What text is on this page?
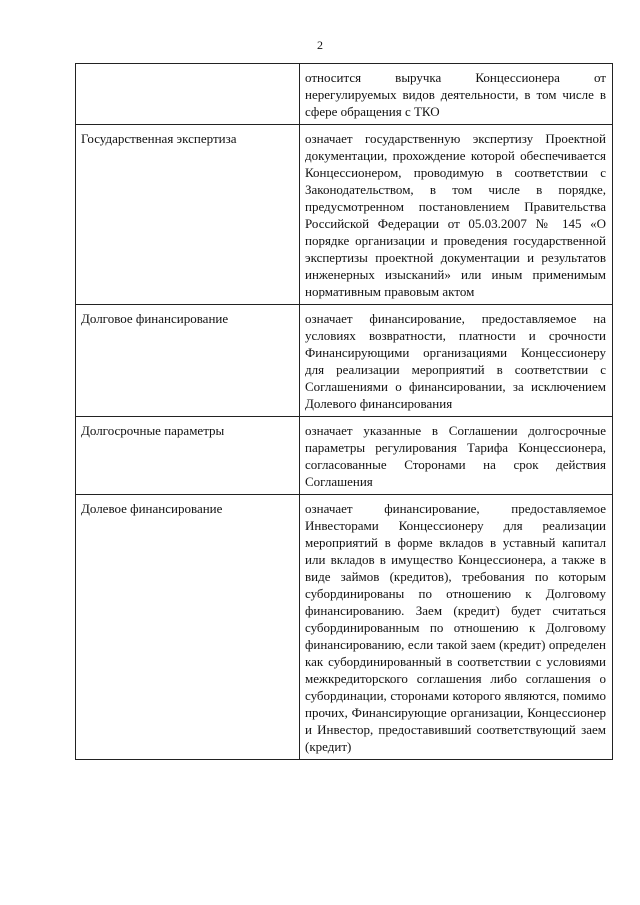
2
	относится выручка Концессионера от нерегулируемых видов деятельности, в том числе в сфере обращения с ТКО
Государственная экспертиза	означает государственную экспертизу Проектной документации, прохождение которой обеспечивается Концессионером, проводимую в соответствии с Законодательством, в том числе в порядке, предусмотренном постановлением Правительства Российской Федерации от 05.03.2007 № 145 «О порядке организации и проведения государственной экспертизы проектной документации и результатов инженерных изысканий» или иным применимым нормативным правовым актом
Долговое финансирование	означает финансирование, предоставляемое на условиях возвратности, платности и срочности Финансирующими организациями Концессионеру для реализации мероприятий в соответствии с Соглашениями о финансировании, за исключением Долевого финансирования
Долгосрочные параметры	означает указанные в Соглашении долгосрочные параметры регулирования Тарифа Концессионера, согласованные Сторонами на срок действия Соглашения
Долевое финансирование	означает финансирование, предоставляемое Инвесторами Концессионеру для реализации мероприятий в форме вкладов в уставный капитал или вкладов в имущество Концессионера, а также в виде займов (кредитов), требования по которым субординированы по отношению к Долговому финансированию. Заем (кредит) будет считаться субординированным по отношению к Долговому финансированию, если такой заем (кредит) определен как субординированный в соответствии с условиями межкредиторского соглашения либо соглашения о субординации, сторонами которого являются, помимо прочих, Финансирующие организации, Концессионер и Инвестор, предоставивший соответствующий заем (кредит)
